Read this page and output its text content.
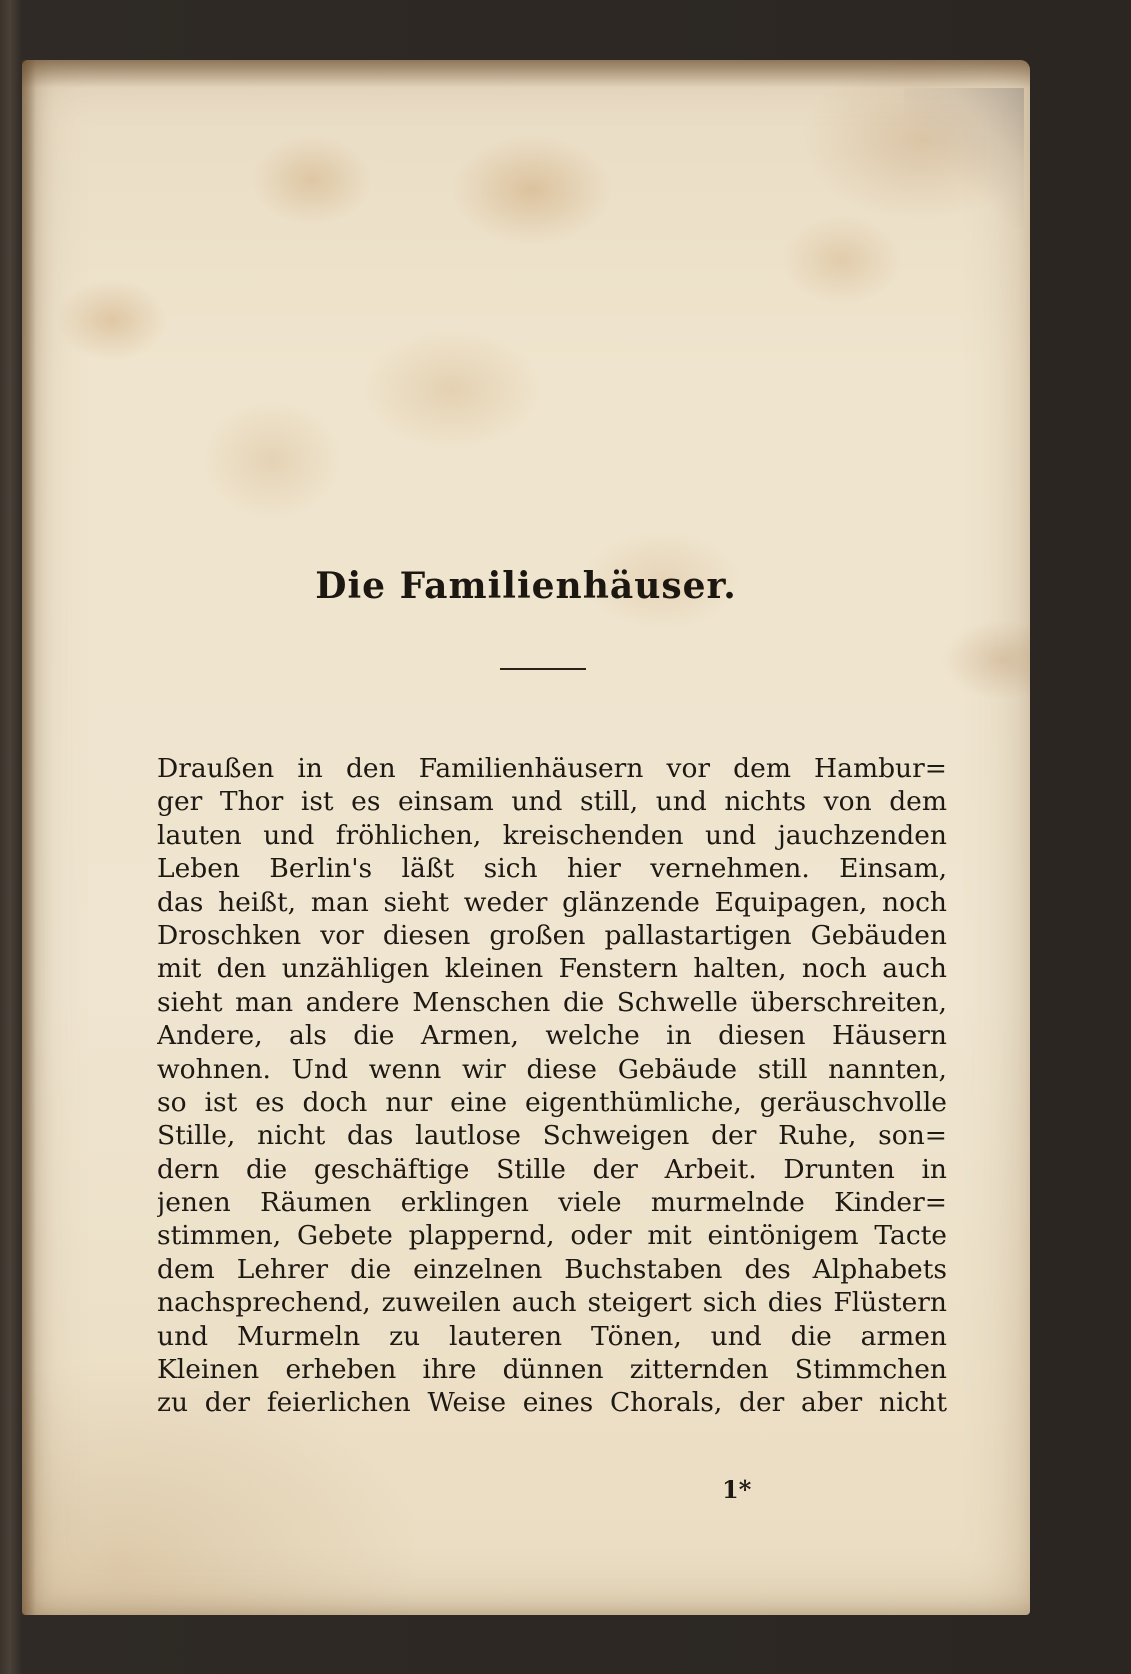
Die Familienhäuser.
Draußen in den Familienhäusern vor dem Hambur=
ger Thor ist es einsam und still, und nichts von dem
lauten und fröhlichen, kreischenden und jauchzenden
Leben Berlin's läßt sich hier vernehmen. Einsam,
das heißt, man sieht weder glänzende Equipagen, noch
Droschken vor diesen großen pallastartigen Gebäuden
mit den unzähligen kleinen Fenstern halten, noch auch
sieht man andere Menschen die Schwelle überschreiten,
Andere, als die Armen, welche in diesen Häusern
wohnen. Und wenn wir diese Gebäude still nannten,
so ist es doch nur eine eigenthümliche, geräuschvolle
Stille, nicht das lautlose Schweigen der Ruhe, son=
dern die geschäftige Stille der Arbeit. Drunten in
jenen Räumen erklingen viele murmelnde Kinder=
stimmen, Gebete plappernd, oder mit eintönigem Tacte
dem Lehrer die einzelnen Buchstaben des Alphabets
nachsprechend, zuweilen auch steigert sich dies Flüstern
und Murmeln zu lauteren Tönen, und die armen
Kleinen erheben ihre dünnen zitternden Stimmchen
zu der feierlichen Weise eines Chorals, der aber nicht
1*
